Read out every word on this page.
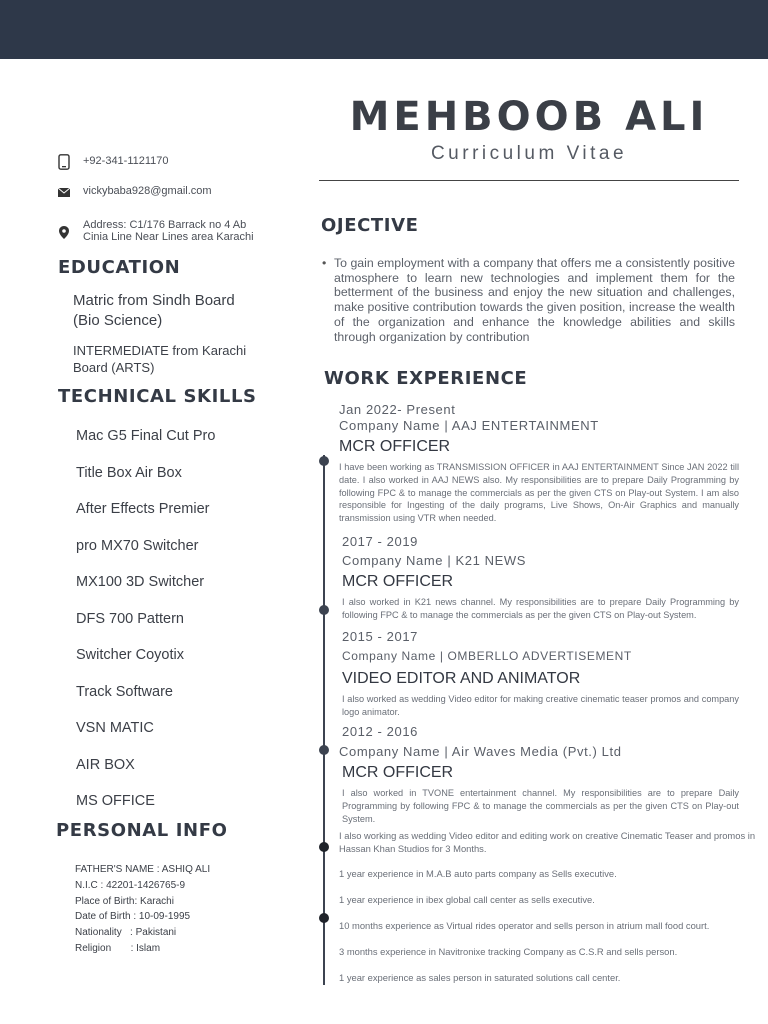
MEHBOOB ALI
Curriculum Vitae
+92-341-1121170
vickybaba928@gmail.com
Address: C1/176 Barrack no 4 Ab Cinia Line Near Lines area Karachi
EDUCATION
Matric from Sindh Board (Bio Science)
INTERMEDIATE from Karachi Board (ARTS)
TECHNICAL SKILLS
Mac G5 Final Cut Pro
Title Box Air Box
After Effects Premier
pro MX70 Switcher
MX100 3D Switcher
DFS 700 Pattern
Switcher Coyotix
Track Software
VSN MATIC
AIR BOX
MS OFFICE
PERSONAL INFO
FATHER'S NAME : ASHIQ ALI
N.I.C : 42201-1426765-9
Place of Birth: Karachi
Date of Birth : 10-09-1995
Nationality   : Pakistani
Religion       : Islam
OJECTIVE
• To gain employment with a company that offers me a consistently positive atmosphere to learn new technologies and implement them for the betterment of the business and enjoy the new situation and challenges, make positive contribution towards the given position, increase the wealth of the organization and enhance the knowledge abilities and skills through organization by contribution
WORK EXPERIENCE
Jan 2022- Present
Company Name | AAJ ENTERTAINMENT
MCR OFFICER
I have been working as TRANSMISSION OFFICER in AAJ ENTERTAINMENT Since JAN 2022 till date. I also worked in AAJ NEWS also. My responsibilities are to prepare Daily Programming by following FPC & to manage the commercials as per the given CTS on Play-out System. I am also responsible for Ingesting of the daily programs, Live Shows, On-Air Graphics and manually transmission using VTR when needed.
2017 - 2019
Company Name | K21 NEWS
MCR OFFICER
I also worked in K21 news channel. My responsibilities are to prepare Daily Programming by following FPC & to manage the commercials as per the given CTS on Play-out System.
2015 - 2017
Company Name | OMBERLLO ADVERTISEMENT
VIDEO EDITOR AND ANIMATOR
I also worked as wedding Video editor for making creative cinematic teaser promos and company logo animator.
2012 - 2016
Company Name | Air Waves Media (Pvt.) Ltd
MCR OFFICER
I also worked in TVONE entertainment channel. My responsibilities are to prepare Daily Programming by following FPC & to manage the commercials as per the given CTS on Play-out System.
I also working as wedding Video editor and editing work on creative Cinematic Teaser and promos in Hassan Khan Studios for 3 Months.
1 year experience in M.A.B auto parts company as Sells executive.
1 year experience in ibex global call center as sells executive.
10 months experience as Virtual rides operator and sells person in atrium mall food court.
3 months experience in Navitronixe tracking Company as C.S.R and sells person.
1 year experience as sales person in saturated solutions call center.
